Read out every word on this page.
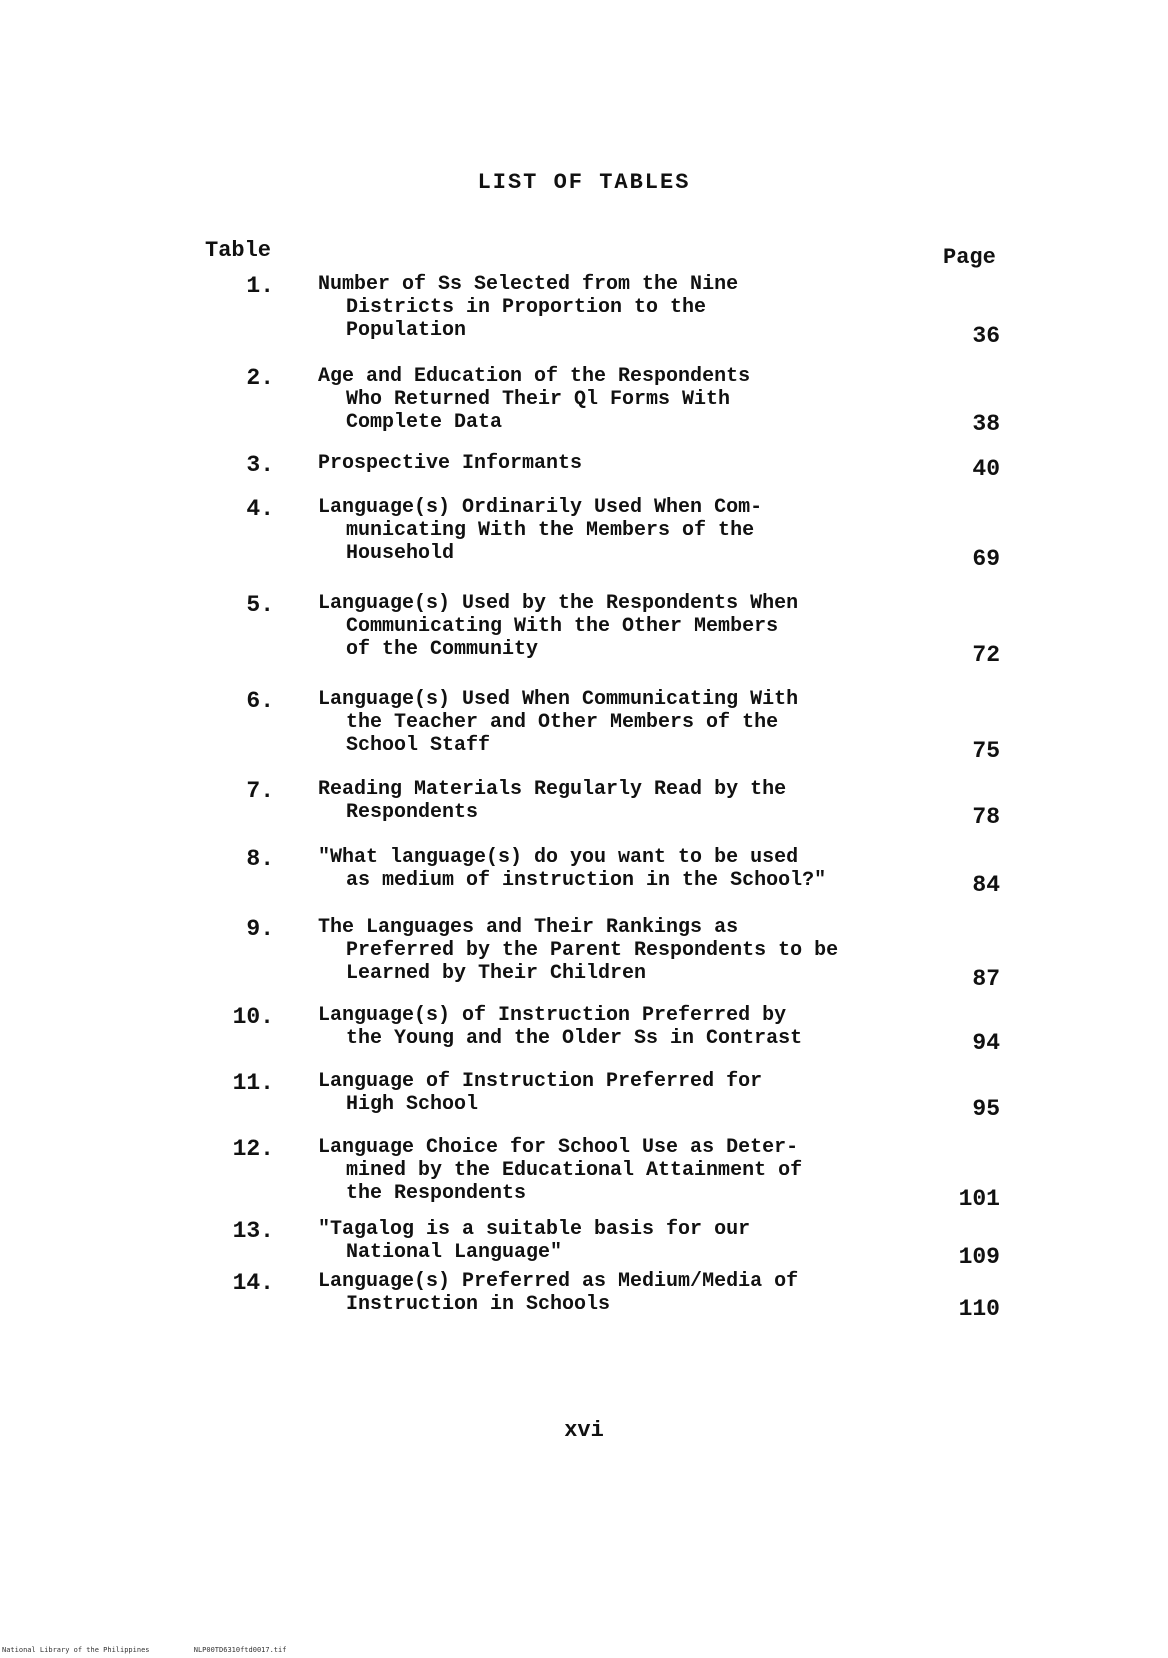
LIST OF TABLES
Table	Page
1. Number of Ss Selected from the Nine
Districts in Proportion to the
Population	36
2. Age and Education of the Respondents
Who Returned Their Ql Forms With
Complete Data	38
3. Prospective Informants	40
4. Language(s) Ordinarily Used When Com-
municating With the Members of the
Household	69
5. Language(s) Used by the Respondents When
Communicating With the Other Members
of the Community	72
6. Language(s) Used When Communicating With
the Teacher and Other Members of the
School Staff	75
7. Reading Materials Regularly Read by the
Respondents	78
8. "What language(s) do you want to be used
as medium of instruction in the School?"	84
9. The Languages and Their Rankings as
Preferred by the Parent Respondents to be
Learned by Their Children	87
10. Language(s) of Instruction Preferred by
the Young and the Older Ss in Contrast	94
11. Language of Instruction Preferred for
High School	95
12. Language Choice for School Use as Deter-
mined by the Educational Attainment of
the Respondents	101
13. "Tagalog is a suitable basis for our
National Language"	109
14. Language(s) Preferred as Medium/Media of
Instruction in Schools	110
xvi
National Library of the Philippines	NLP00TD6310ftd0017.tif
